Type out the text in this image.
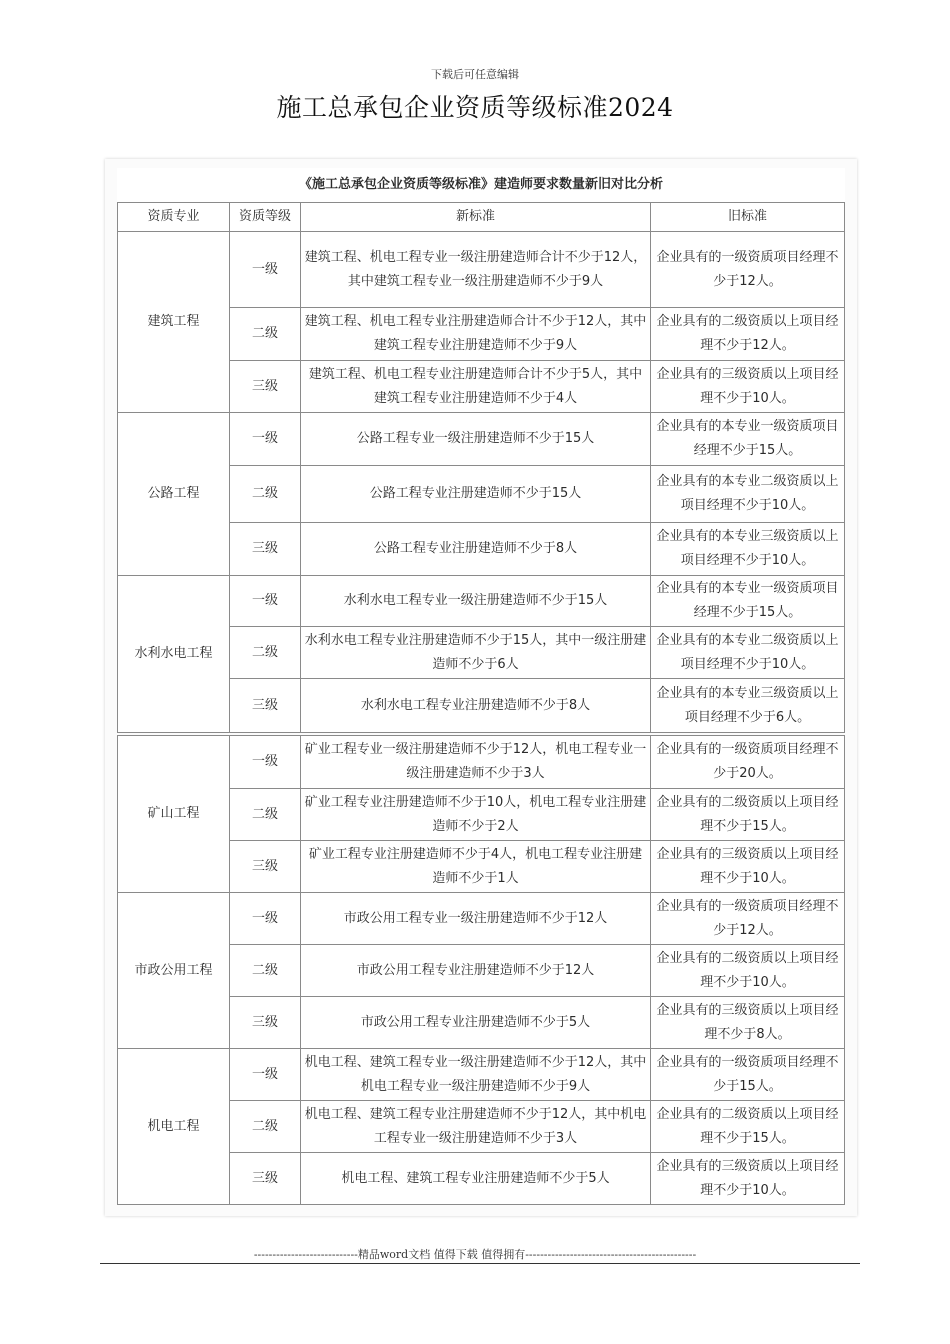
下载后可任意编辑
施工总承包企业资质等级标准2024
《施工总承包企业资质等级标准》建造师要求数量新旧对比分析			
资质专业	资质等级	新标准	旧标准
建筑工程	一级	建筑工程、机电工程专业一级注册建造师合计不少于12人，其中建筑工程专业一级注册建造师不少于9人	企业具有的一级资质项目经理不少于12人。
	二级	建筑工程、机电工程专业注册建造师合计不少于12人，其中建筑工程专业注册建造师不少于9人	企业具有的二级资质以上项目经理不少于12人。
	三级	建筑工程、机电工程专业注册建造师合计不少于5人，其中建筑工程专业注册建造师不少于4人	企业具有的三级资质以上项目经理不少于10人。
公路工程	一级	公路工程专业一级注册建造师不少于15人	企业具有的本专业一级资质项目经理不少于15人。
	二级	公路工程专业注册建造师不少于15人	企业具有的本专业二级资质以上项目经理不少于10人。
	三级	公路工程专业注册建造师不少于8人	企业具有的本专业三级资质以上项目经理不少于10人。
水利水电工程	一级	水利水电工程专业一级注册建造师不少于15人	企业具有的本专业一级资质项目经理不少于15人。
	二级	水利水电工程专业注册建造师不少于15人，其中一级注册建造师不少于6人	企业具有的本专业二级资质以上项目经理不少于10人。
	三级	水利水电工程专业注册建造师不少于8人	企业具有的本专业三级资质以上项目经理不少于6人。
矿山工程	一级	矿业工程专业一级注册建造师不少于12人，机电工程专业一级注册建造师不少于3人	企业具有的一级资质项目经理不少于20人。
	二级	矿业工程专业注册建造师不少于10人，机电工程专业注册建造师不少于2人	企业具有的二级资质以上项目经理不少于15人。
	三级	矿业工程专业注册建造师不少于4人，机电工程专业注册建造师不少于1人	企业具有的三级资质以上项目经理不少于10人。
市政公用工程	一级	市政公用工程专业一级注册建造师不少于12人	企业具有的一级资质项目经理不少于12人。
	二级	市政公用工程专业注册建造师不少于12人	企业具有的二级资质以上项目经理不少于10人。
	三级	市政公用工程专业注册建造师不少于5人	企业具有的三级资质以上项目经理不少于8人。
机电工程	一级	机电工程、建筑工程专业一级注册建造师不少于12人，其中机电工程专业一级注册建造师不少于9人	企业具有的一级资质项目经理不少于15人。
	二级	机电工程、建筑工程专业注册建造师不少于12人，其中机电工程专业一级注册建造师不少于3人	企业具有的二级资质以上项目经理不少于15人。
	三级	机电工程、建筑工程专业注册建造师不少于5人	企业具有的三级资质以上项目经理不少于10人。
----------------------------精品word文档 值得下载 值得拥有----------------------------------------------
